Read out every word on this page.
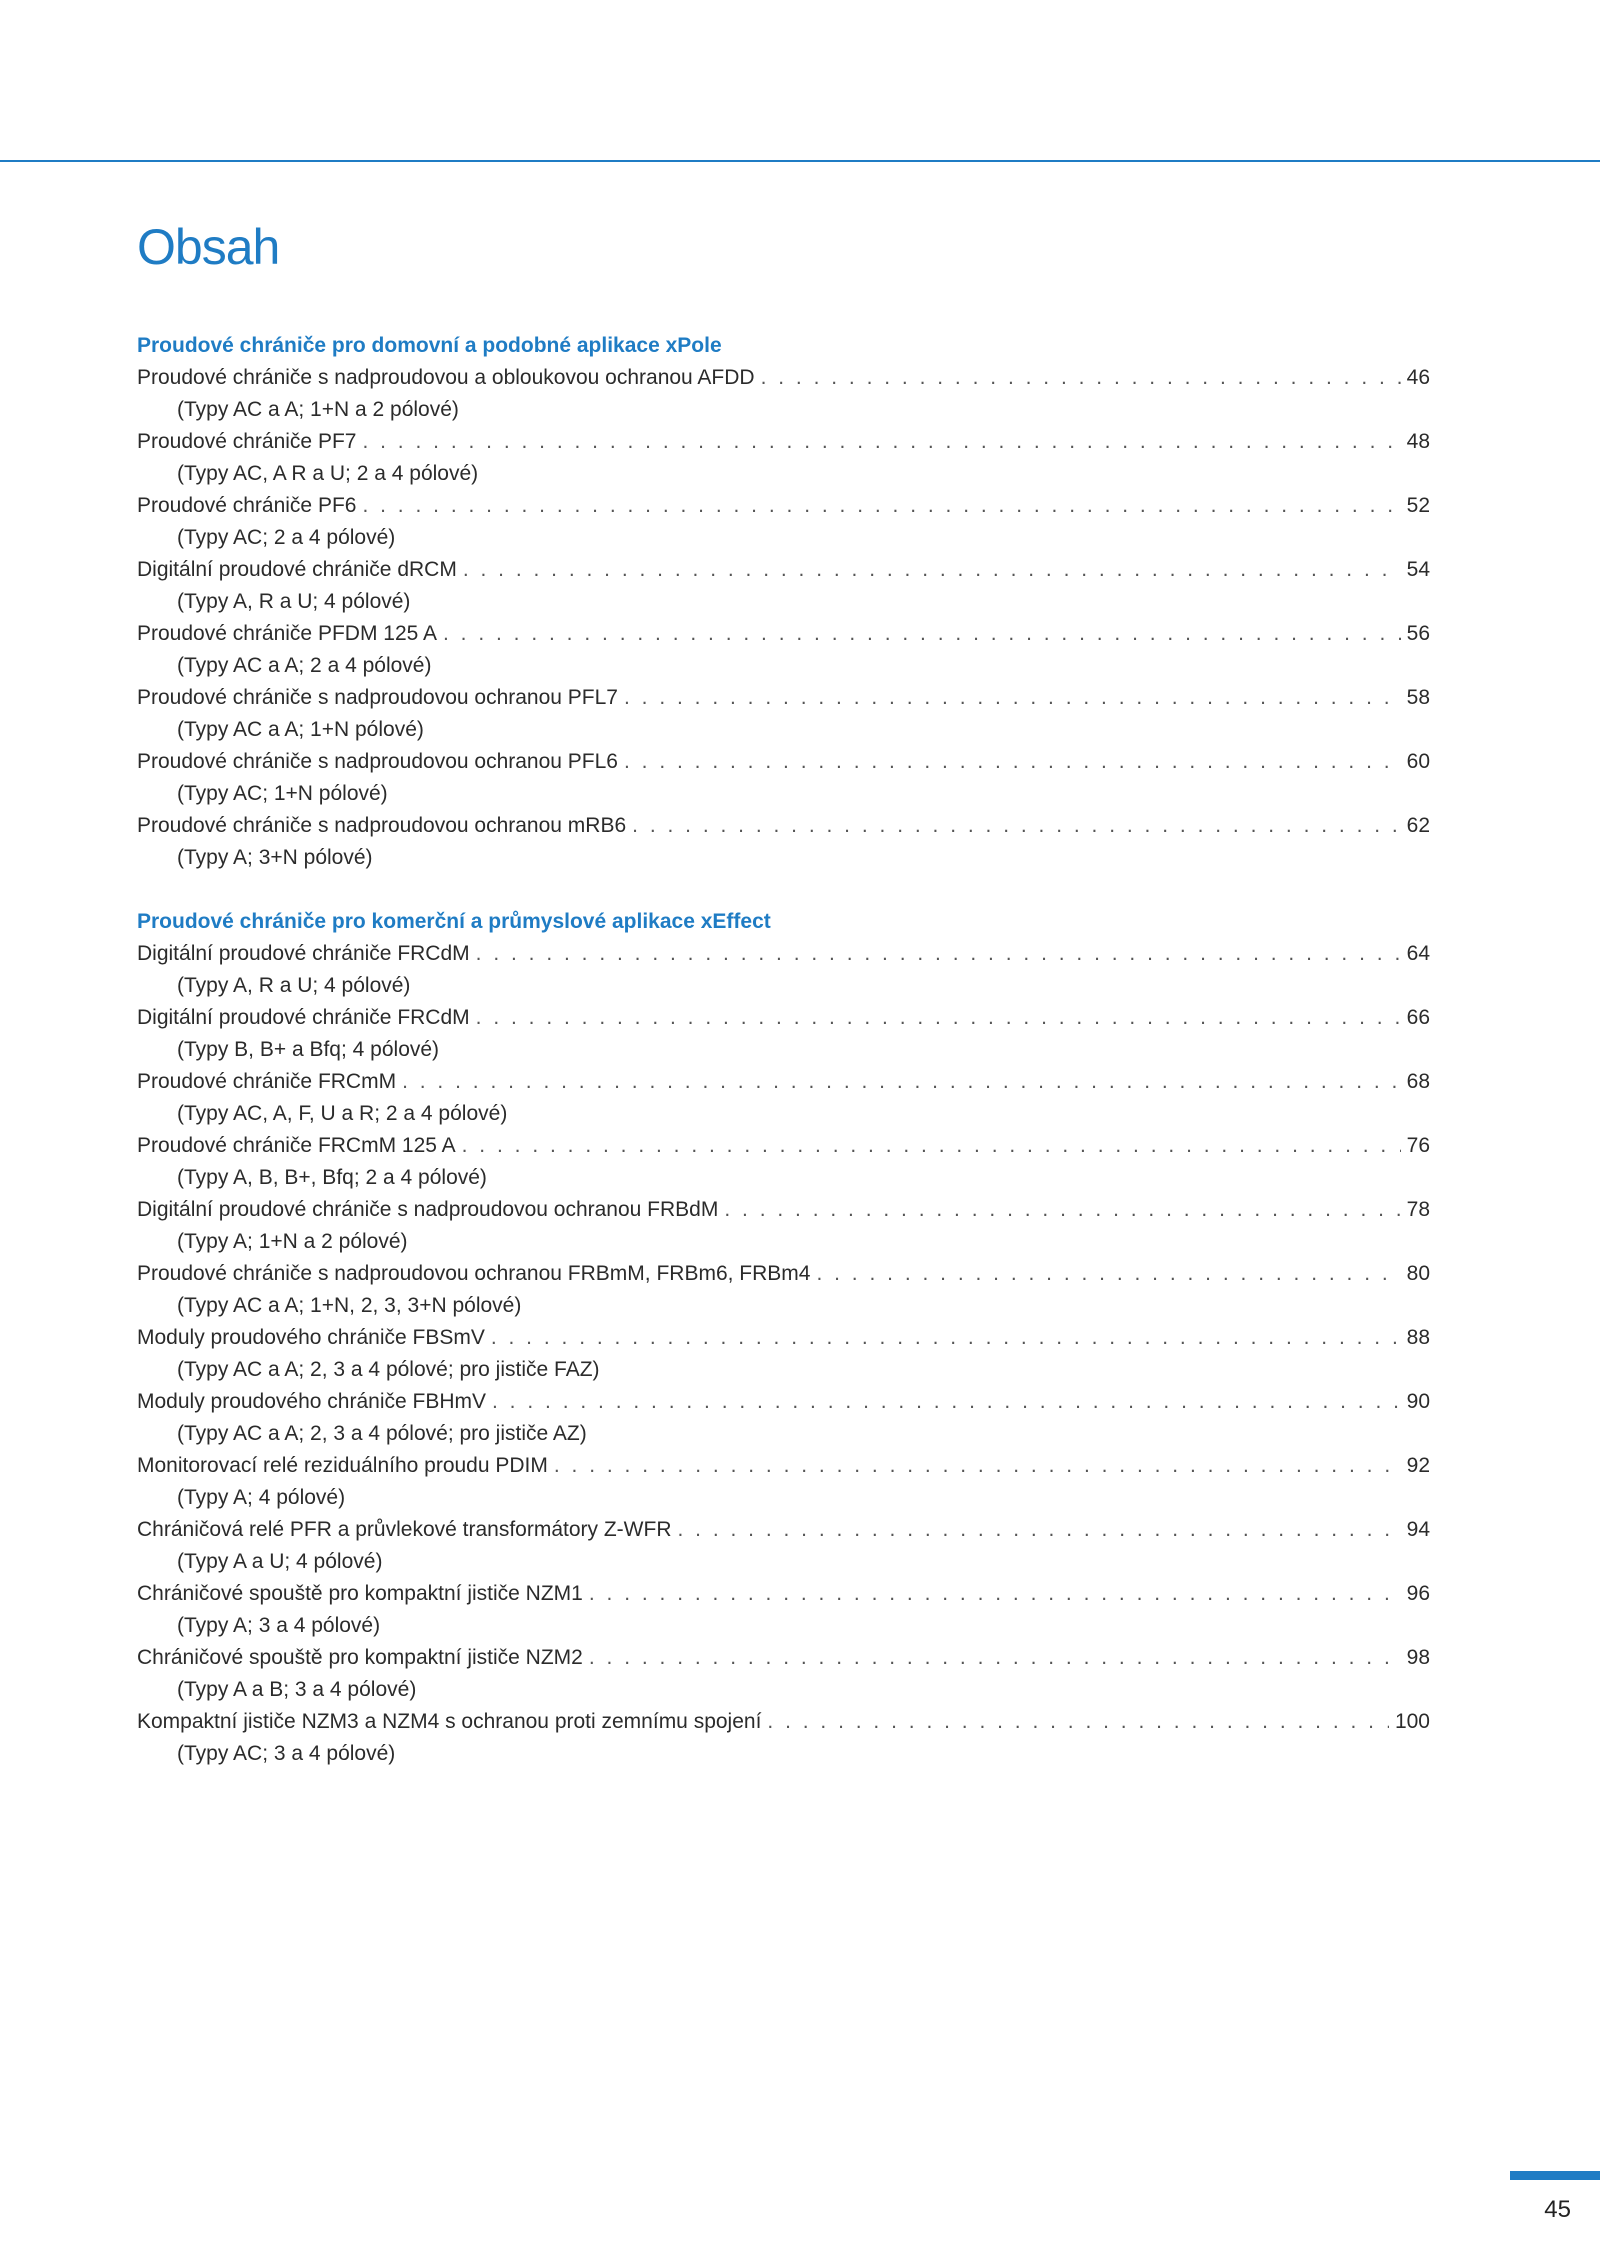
Obsah
Proudové chrániče pro domovní a podobné aplikace xPole
Proudové chrániče s nadproudovou a obloukovou ochranou AFDD . . .	46
(Typy AC a A; 1+N a 2 pólové)
Proudové chrániče PF7 . . .	48
(Typy AC, A R a U; 2 a 4 pólové)
Proudové chrániče PF6 . . .	52
(Typy AC; 2 a 4 pólové)
Digitální proudové chrániče dRCM . . .	54
(Typy A, R a U; 4 pólové)
Proudové chrániče PFDM 125 A . . .	56
(Typy AC a A; 2 a 4 pólové)
Proudové chrániče s nadproudovou ochranou PFL7 . . .	58
(Typy AC a A; 1+N pólové)
Proudové chrániče s nadproudovou ochranou PFL6 . . .	60
(Typy AC; 1+N pólové)
Proudové chrániče s nadproudovou ochranou mRB6 . . .	62
(Typy A; 3+N pólové)
Proudové chrániče pro komerční a průmyslové aplikace xEffect
Digitální proudové chrániče FRCdM . . .	64
(Typy A, R a U; 4 pólové)
Digitální proudové chrániče FRCdM . . .	66
(Typy B, B+ a Bfq; 4 pólové)
Proudové chrániče FRCmM . . .	68
(Typy AC, A, F, U a R; 2 a 4 pólové)
Proudové chrániče FRCmM 125 A . . .	76
(Typy A, B, B+, Bfq; 2 a 4 pólové)
Digitální proudové chrániče s nadproudovou ochranou FRBdM . . .	78
(Typy A; 1+N a 2 pólové)
Proudové chrániče s nadproudovou ochranou FRBmM, FRBm6, FRBm4 . . .	80
(Typy AC a A; 1+N, 2, 3, 3+N pólové)
Moduly proudového chrániče FBSmV . . .	88
(Typy AC a A; 2, 3 a 4 pólové; pro jističe FAZ)
Moduly proudového chrániče FBHmV . . .	90
(Typy AC a A; 2, 3 a 4 pólové; pro jističe AZ)
Monitorovací relé reziduálního proudu PDIM . . .	92
(Typy A; 4 pólové)
Chráničová relé PFR a průvlekové transformátory Z-WFR . . .	94
(Typy A a U; 4 pólové)
Chráničové spouště pro kompaktní jističe NZM1 . . .	96
(Typy A; 3 a 4 pólové)
Chráničové spouště pro kompaktní jističe NZM2 . . .	98
(Typy A a B; 3 a 4 pólové)
Kompaktní jističe NZM3 a NZM4 s ochranou proti zemnímu spojení . . .	100
(Typy AC; 3 a 4 pólové)
45
